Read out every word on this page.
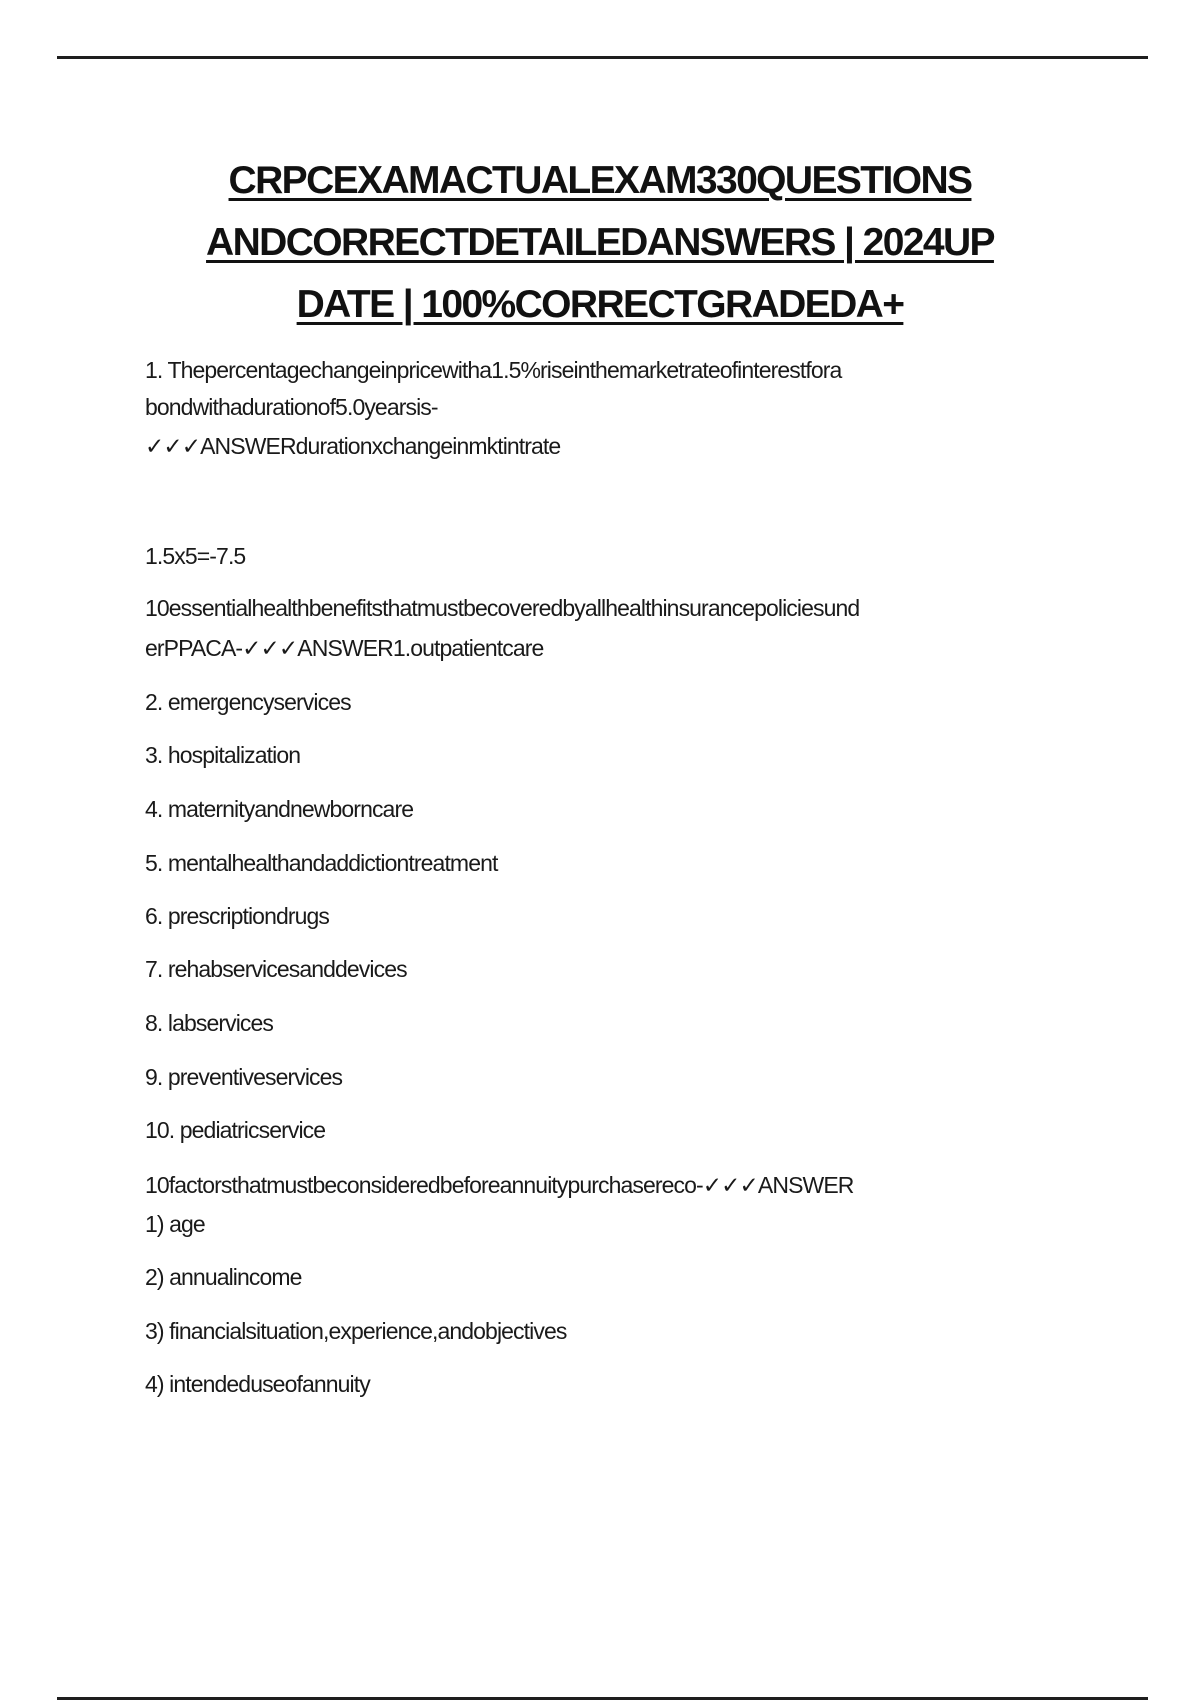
CRPCEXAMACTUALEXAM330QUESTIONS
ANDCORRECTDETAILEDANSWERS | 2024UP
DATE | 100%CORRECTGRADEDA+
1. Thepercentagechangeinpricewitha1.5%riseinthemarketrateofinterestfora
bondwithadurationof5.0yearsis-
✓✓✓ANSWERdurationxchangeinmktintrate
1.5x5=-7.5
10essentialhealthbenefitsthatmustbecoveredbyallhealthinsurancepoliciesund
erPPACA-✓✓✓ANSWER1.outpatientcare
2. emergencyservices
3. hospitalization
4. maternityandnewborncare
5. mentalhealthandaddictiontreatment
6. prescriptiondrugs
7. rehabservicesanddevices
8. labservices
9. preventiveservices
10. pediatricservice
10factorsthatmustbeconsideredbeforeannuitypurchasereco-✓✓✓ANSWER
1) age
2) annualincome
3) financialsituation,experience,andobjectives
4) intendeduseofannuity
